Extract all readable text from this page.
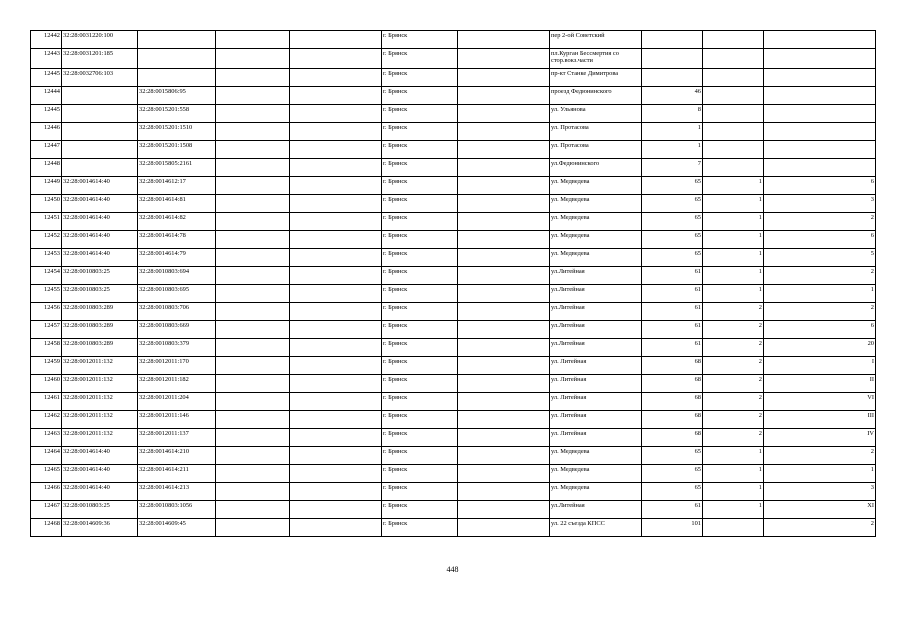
12442	32:28:0031220:100				г. Брянск		пер 2-ой Советский			
12443	32:28:0031201:185				г. Брянск		пл.Курган Бессмертия со стор.вокз.части			
12445	32:28:0032706:103				г. Брянск		пр-кт Станке Димитрова			
12444		32:28:0015806:95			г. Брянск		проезд Федюнинского	46		
12445		32:28:0015201:558			г. Брянск		ул. Ульянова	8		
12446		32:28:0015201:1510			г. Брянск		ул. Протасова	1		
12447		32:28:0015201:1508			г. Брянск		ул. Протасова	1		
12448		32:28:0015805:2161			г. Брянск		ул.Федюнинского	7		
12449	32:28:0014614:40	32:28:0014612:17			г. Брянск		ул. Медведева	65	1	6
12450	32:28:0014614:40	32:28:0014614:81			г. Брянск		ул. Медведева	65	1	3
12451	32:28:0014614:40	32:28:0014614:82			г. Брянск		ул. Медведева	65	1	2
12452	32:28:0014614:40	32:28:0014614:78			г. Брянск		ул. Медведева	65	1	6
12453	32:28:0014614:40	32:28:0014614:79			г. Брянск		ул. Медведева	65	1	5
12454	32:28:0010803:25	32:28:0010803:694			г. Брянск		ул.Литейная	61	1	2
12455	32:28:0010803:25	32:28:0010803:695			г. Брянск		ул.Литейная	61	1	1
12456	32:28:0010803:289	32:28:0010803:706			г. Брянск		ул.Литейная	61	2	2
12457	32:28:0010803:289	32:28:0010803:669			г. Брянск		ул.Литейная	61	2	6
12458	32:28:0010803:289	32:28:0010803:379			г. Брянск		ул.Литейная	61	2	20
12459	32:28:0012011:132	32:28:0012011:170			г. Брянск		ул. Литейная	68	2	I
12460	32:28:0012011:132	32:28:0012011:182			г. Брянск		ул. Литейная	68	2	II
12461	32:28:0012011:132	32:28:0012011:204			г. Брянск		ул. Литейная	68	2	VI
12462	32:28:0012011:132	32:28:0012011:146			г. Брянск		ул. Литейная	68	2	III
12463	32:28:0012011:132	32:28:0012011:137			г. Брянск		ул. Литейная	68	2	IV
12464	32:28:0014614:40	32:28:0014614:210			г. Брянск		ул. Медведева	65	1	2
12465	32:28:0014614:40	32:28:0014614:211			г. Брянск		ул. Медведева	65	1	1
12466	32:28:0014614:40	32:28:0014614:213			г. Брянск		ул. Медведева	65	1	3
12467	32:28:0010803:25	32:28:0010803:1056			г. Брянск		ул.Литейная	61	1	XI
12468	32:28:0014609:36	32:28:0014609:45			г. Брянск		ул. 22 съезда КПСС	101		2
448
